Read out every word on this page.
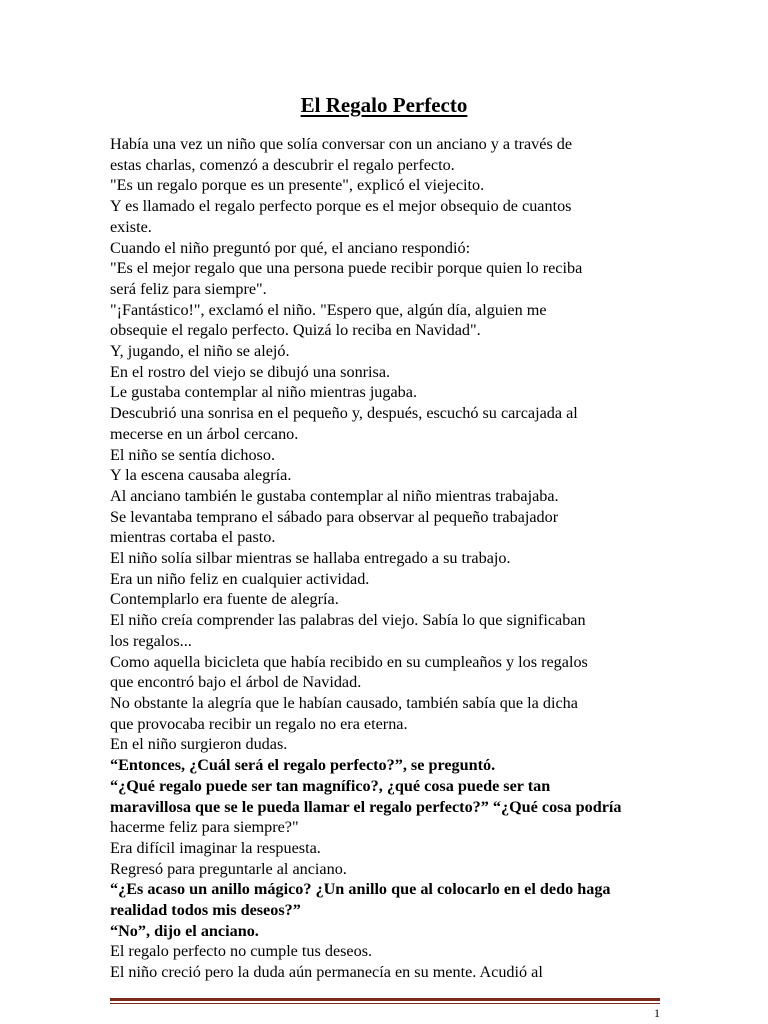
El Regalo Perfecto
Había una vez un niño que solía conversar con un anciano y a través de
estas charlas, comenzó a descubrir el regalo perfecto.
"Es un regalo porque es un presente", explicó el viejecito.
Y es llamado el regalo perfecto porque es el mejor obsequio de cuantos
existe.
Cuando el niño preguntó por qué, el anciano respondió:
"Es el mejor regalo que una persona puede recibir porque quien lo reciba
será feliz para siempre".
"¡Fantástico!", exclamó el niño. "Espero que, algún día, alguien me
obsequie el regalo perfecto. Quizá lo reciba en Navidad".
Y, jugando, el niño se alejó.
En el rostro del viejo se dibujó una sonrisa.
Le gustaba contemplar al niño mientras jugaba.
Descubrió una sonrisa en el pequeño y, después, escuchó su carcajada al
mecerse en un árbol cercano.
El niño se sentía dichoso.
Y la escena causaba alegría.
Al anciano también le gustaba contemplar al niño mientras trabajaba.
Se levantaba temprano el sábado para observar al pequeño trabajador
mientras cortaba el pasto.
El niño solía silbar mientras se hallaba entregado a su trabajo.
Era un niño feliz en cualquier actividad.
Contemplarlo era fuente de alegría.
El niño creía comprender las palabras del viejo. Sabía lo que significaban
los regalos...
Como aquella bicicleta que había recibido en su cumpleaños y los regalos
que encontró bajo el árbol de Navidad.
No obstante la alegría que le habían causado, también sabía que la dicha
que provocaba recibir un regalo no era eterna.
En el niño surgieron dudas.
“Entonces, ¿Cuál será el regalo perfecto?”, se preguntó.
“¿Qué regalo puede ser tan magnífico?, ¿qué cosa puede ser tan
maravillosa que se le pueda llamar el regalo perfecto?” “¿Qué cosa podría
hacerme feliz para siempre?"
Era difícil imaginar la respuesta.
Regresó para preguntarle al anciano.
“¿Es acaso un anillo mágico? ¿Un anillo que al colocarlo en el dedo haga
realidad todos mis deseos?”
“No”, dijo el anciano.
El regalo perfecto no cumple tus deseos.
El niño creció pero la duda aún permanecía en su mente. Acudió al
1
